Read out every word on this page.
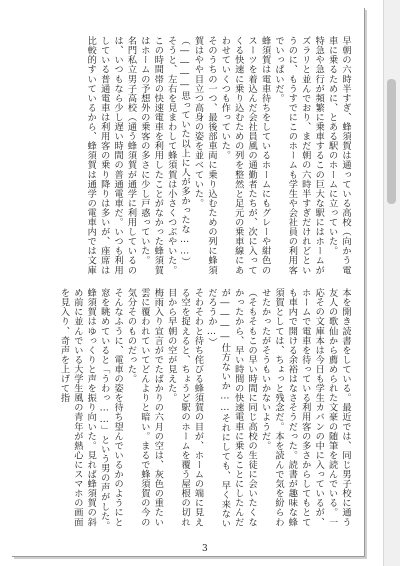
早朝の六時半すぎ、蜂須賀は通っている高校（向かう電車に乗るために、とある駅のホームに立っていた。
特急や急行が頻繁に乗車するこの巨大な駅にはホームがズラリと並んでおり、まだ朝の六時半すぎだけれどというのに、もうすでにこのホームも学生や会社員の利用客でいっぱいだ。
蜂須賀は電車待ちをしているホームにもグレーや紺色のスーツを着込んだ会社員風の通勤者たちが、次に入ってくる快速に乗り込むための列を整然と足元の乗車線にあわせていくつも作っていた。
そのうちの一つ、最後部車両に乗り込むための列に蜂須賀はやや目立つ高身の姿を並べていた。
（――――思っていた以上に人が多かったな……）
そうと、左右を見まわして蜂須賀は小さくつぶやいた。
この時間帯の快速電車を利用したことがなかった蜂須賀はホームの予想外の乗客の多さに少し戸惑っていた。
名門私立男子高校（通う蜂須賀が通学に利用しているのは、いつもなら少し遅い時間の普通電車だ。いつも利用している普通電車は利用客の乗り降りは多いが、座席は比較的すいているから、蜂須賀は通学の電車内では文庫
本を開き読書をしている。最近では、同じ男子校に通う友人の歌仙から薦められた文豪の随筆を読んでいる。一応その文庫本は今日も学生カバンの中に入っているが、ホームで電車を待っている利用客の多さからしてもとても車内で開ける余裕はなさそうだった。読書が趣味な蜂須賀としては、ちょっと残念だ。本を読んで気を紛らわせたかったがそうもいかないようだ。
（そもそもこの早い時間に同じ高校の生徒に会いたくなかったから、早い時間の快速電車に乗ることにしたんだが――――仕方ないか……それにしても、早く来ないだろうか…）
そわそわと待ち侘びる蜂須賀の目が、ホームの端に見える空を捉えると、ちょうど駅のホームを覆う屋根の切れ目から早朝の空が見えた。
梅雨入り宣言がでたばかりの六月の空は、灰色の重たい雲に覆われていてどんよりと暗い。まるで蜂須賀の今の気分そのものだった。
そんなふうに、電車の姿を待ち望んでいるかのようにと窓を眺めていると「うわっ……」という男の声がした。
蜂須賀はゆっくりと声を振り向いた。見れば蜂須賀の斜め前に並んでいる大学生風の青年が熱心にスマホの画面を見入り、奇声を上げて指
3
